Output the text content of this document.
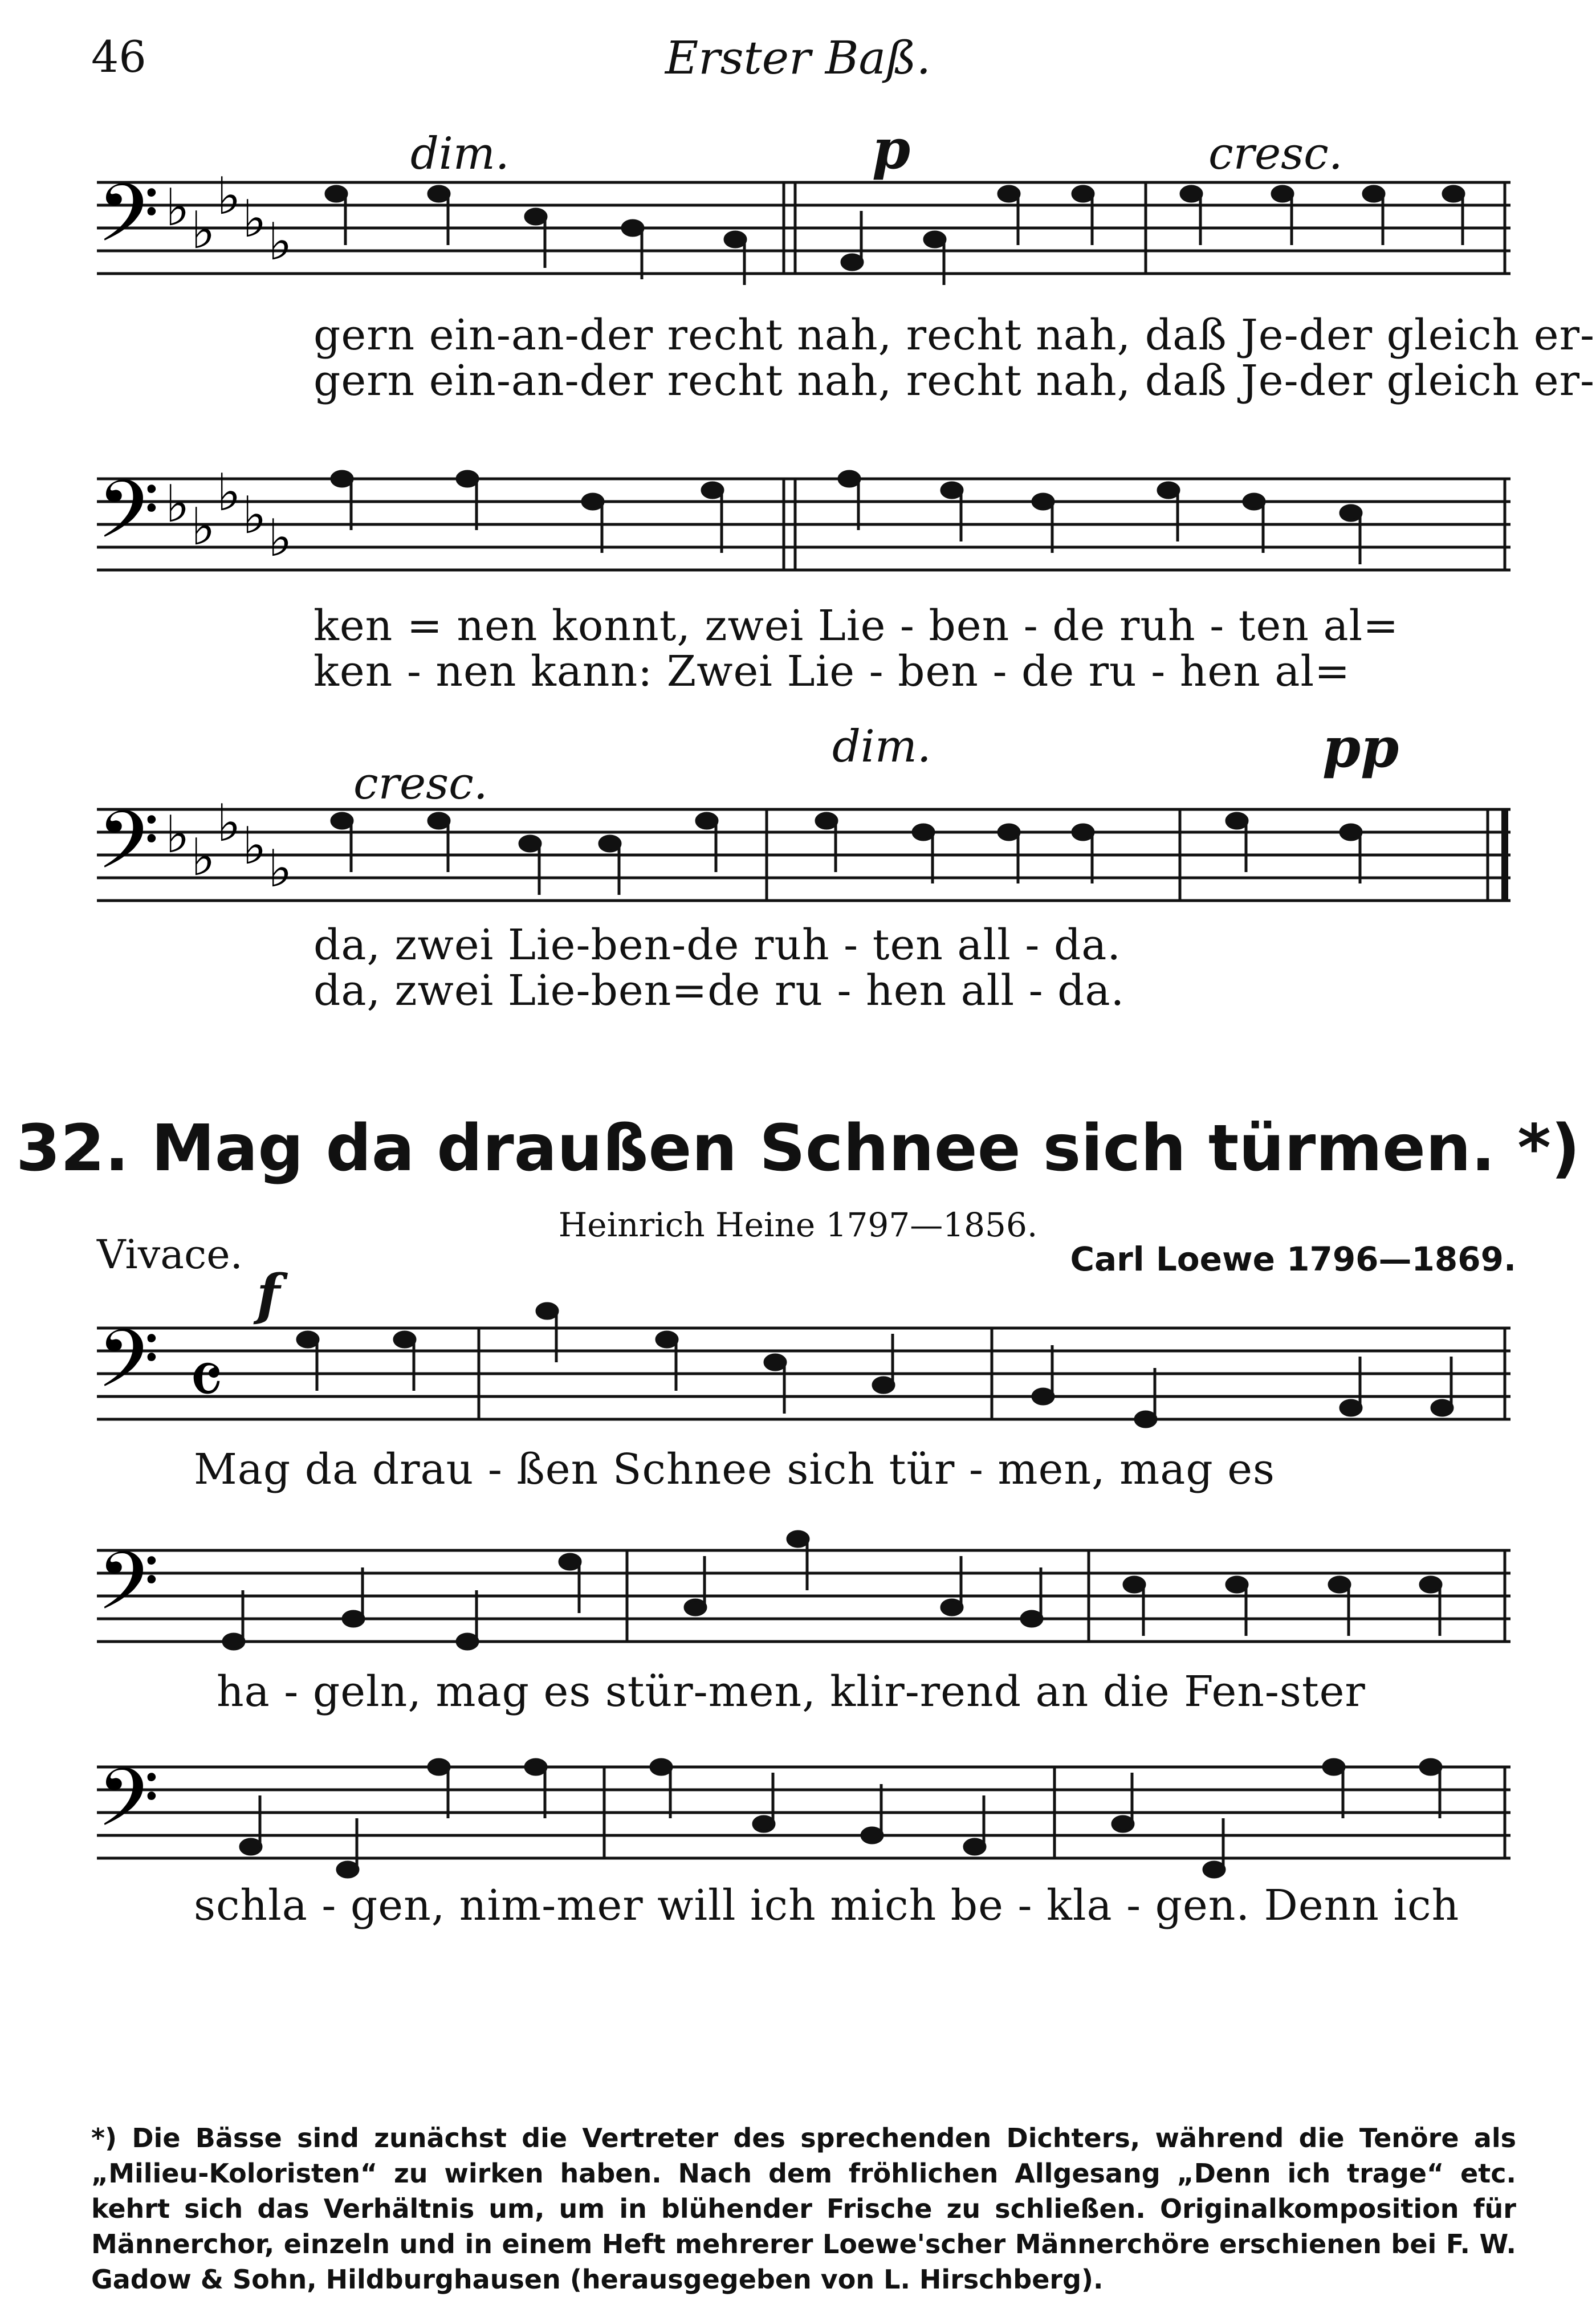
46	Erster Baß.
dim.	p	cresc.
𝄢 ♭ ♭
♭ ♭ ♭
gern ein-an-der recht nah, recht nah, daß Je-der gleich er-
gern ein-an-der recht nah, recht nah, daß Je-der gleich er-
𝄢 ♭ ♭
♭ ♭ ♭
ken = nen konnt, zwei Lie - ben - de ruh - ten al=
ken - nen kann: Zwei Lie - ben - de ru - hen al=
cresc.
dim.	pp
𝄢 ♭ ♭
♭ ♭ ♭
da, zwei Lie-ben-de ruh - ten all - da.
da, zwei Lie-ben=de ru - hen all - da.
32. Mag da draußen Schnee sich türmen. *)
Heinrich Heine 1797—1856.
Vivace.	Carl Loewe 1796—1869.
f
𝄢 𝄴
Mag da drau - ßen Schnee sich tür - men, mag es
𝄢
ha - geln, mag es stür-men, klir-rend an die Fen-ster
𝄢
schla - gen, nim-mer will ich mich be - kla - gen. Denn ich
*) Die Bässe sind zunächst die Vertreter des sprechenden Dichters, während die Tenöre als „Milieu-Koloristen“ zu wirken haben. Nach dem fröhlichen Allgesang „Denn ich trage“ etc. kehrt sich das Verhältnis um, um in blühender Frische zu schließen. Originalkomposition für Männerchor, einzeln und in einem Heft mehrerer Loewe'scher Männerchöre erschienen bei F. W. Gadow & Sohn, Hildburghausen (herausgegeben von L. Hirschberg).
